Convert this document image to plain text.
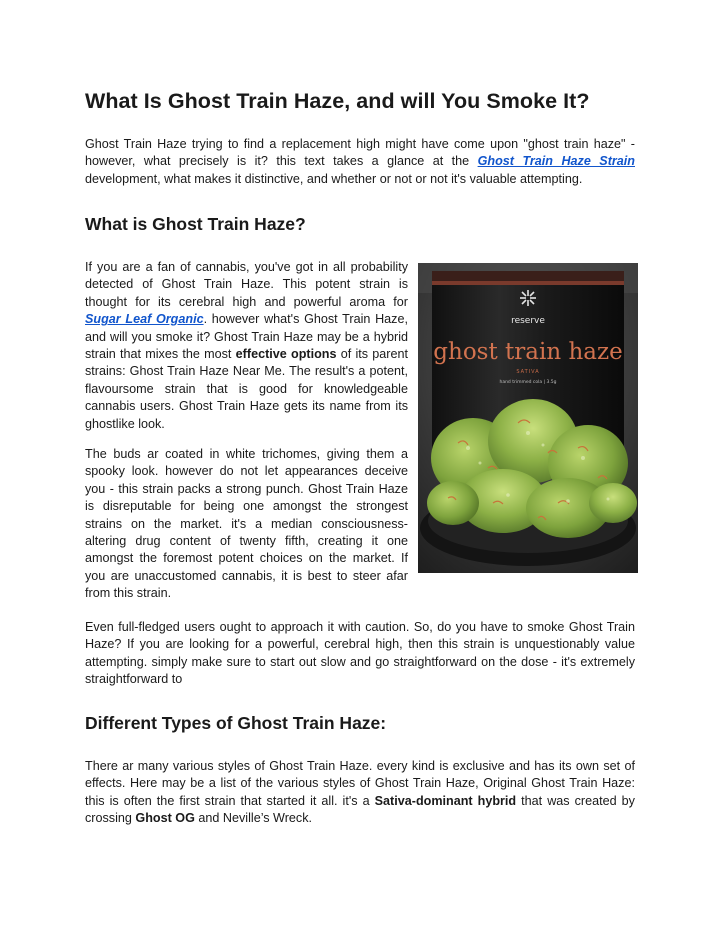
What Is Ghost Train Haze, and will You Smoke It?

Ghost Train Haze trying to find a replacement high might have come upon "ghost train haze" - however, what precisely is it? this text takes a glance at the Ghost Train Haze Strain development, what makes it distinctive, and whether or not or not it's valuable attempting.

What is Ghost Train Haze?

If you are a fan of cannabis, you've got in all probability detected of Ghost Train Haze. This potent strain is thought for its cerebral high and powerful aroma for Sugar Leaf Organic. however what's Ghost Train Haze, and will you smoke it? Ghost Train Haze may be a hybrid strain that mixes the most effective options of its parent strains: Ghost Train Haze Near Me. The result's a potent, flavoursome strain that is good for knowledgeable cannabis users. Ghost Train Haze gets its name from its ghostlike look.

The buds ar coated in white trichomes, giving them a spooky look. however do not let appearances deceive you - this strain packs a strong punch. Ghost Train Haze is disreputable for being one amongst the strongest strains on the market. it's a median consciousness-altering drug content of twenty fifth, creating it one amongst the foremost potent choices on the market. If you are unaccustomed cannabis, it is best to steer afar from this strain.

Even full-fledged users ought to approach it with caution. So, do you have to smoke Ghost Train Haze? If you are looking for a powerful, cerebral high, then this strain is unquestionably value attempting. simply make sure to start out slow and go straightforward on the dose - it's extremely straightforward to

reserve
ghost train haze
SATIVA
hand trimmed cola | 3.5g
Different Types of Ghost Train Haze:

There ar many various styles of Ghost Train Haze. every kind is exclusive and has its own set of effects. Here may be a list of the various styles of Ghost Train Haze, Original Ghost Train Haze: this is often the first strain that started it all. it's a Sativa-dominant hybrid that was created by crossing Ghost OG and Neville’s Wreck.
